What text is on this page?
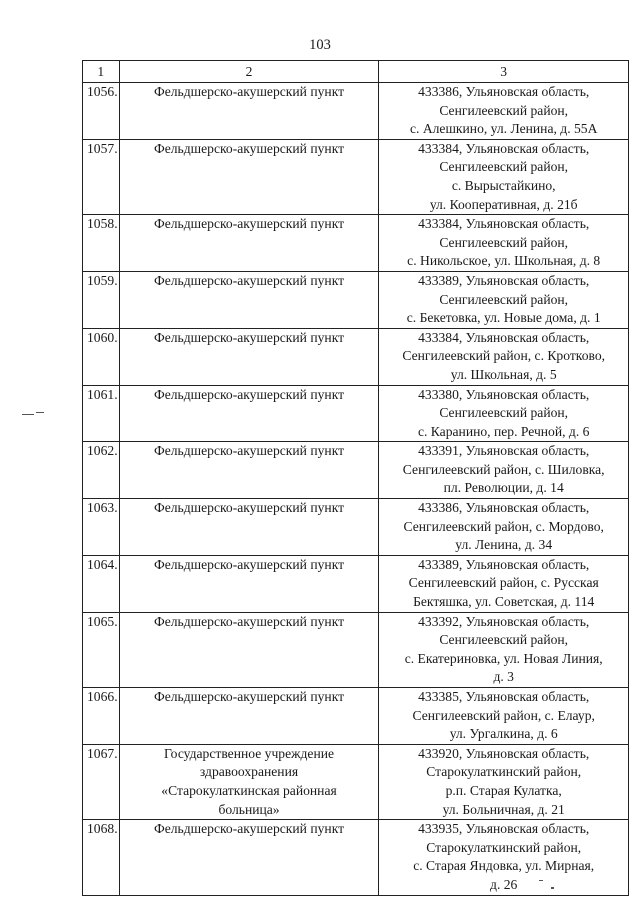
103
1	2	3
1056.	Фельдшерско-акушерский пункт	433386, Ульяновская область,
Сенгилеевский район,
с. Алешкино, ул. Ленина, д. 55А

1057.	Фельдшерско-акушерский пункт	433384, Ульяновская область,
Сенгилеевский район,
с. Вырыстайкино,
ул. Кооперативная, д. 21б

1058.	Фельдшерско-акушерский пункт	433384, Ульяновская область,
Сенгилеевский район,
с. Никольское, ул. Школьная, д. 8

1059.	Фельдшерско-акушерский пункт	433389, Ульяновская область,
Сенгилеевский район,
с. Бекетовка, ул. Новые дома, д. 1

1060.	Фельдшерско-акушерский пункт	433384, Ульяновская область,
Сенгилеевский район, с. Кротково,
ул. Школьная, д. 5

1061.	Фельдшерско-акушерский пункт	433380, Ульяновская область,
Сенгилеевский район,
с. Каранино, пер. Речной, д. 6

1062.	Фельдшерско-акушерский пункт	433391, Ульяновская область,
Сенгилеевский район, с. Шиловка,
пл. Революции, д. 14

1063.	Фельдшерско-акушерский пункт	433386, Ульяновская область,
Сенгилеевский район, с. Мордово,
ул. Ленина, д. 34

1064.	Фельдшерско-акушерский пункт	433389, Ульяновская область,
Сенгилеевский район, с. Русская
Бектяшка, ул. Советская, д. 114

1065.	Фельдшерско-акушерский пункт	433392, Ульяновская область,
Сенгилеевский район,
с. Екатериновка, ул. Новая Линия,
д. 3

1066.	Фельдшерско-акушерский пункт	433385, Ульяновская область,
Сенгилеевский район, с. Елаур,
ул. Ургалкина, д. 6

1067.	Государственное учреждение
здравоохранения
«Старокулаткинская районная
больница»	433920, Ульяновская область,
Старокулаткинский район,
р.п. Старая Кулатка,
ул. Больничная, д. 21

1068.	Фельдшерско-акушерский пункт	433935, Ульяновская область,
Старокулаткинский район,
с. Старая Яндовка, ул. Мирная,
д. 26
